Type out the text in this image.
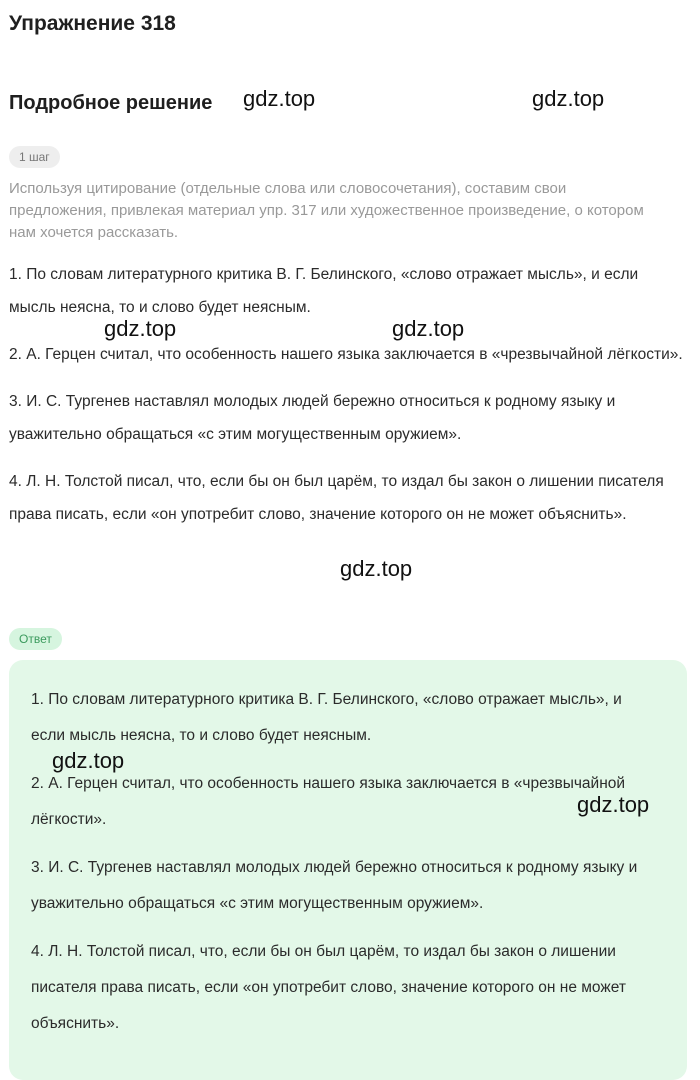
Упражнение 318
Подробное решение gdz.top	gdz.top
1 шаг

Используя цитирование (отдельные слова или словосочетания), составим свои предложения, привлекая материал упр. 317 или художественное произведение, о котором нам хочется рассказать.

1. По словам литературного критика В. Г. Белинского, «слово отражает мысль», и если мысль неясна, то и слово будет неясным.

2. А. Герцен считал, что особенность нашего языка заключается в «чрезвычайной лёгкости».

3. И. С. Тургенев наставлял молодых людей бережно относиться к родному языку и уважительно обращаться «с этим могущественным оружием».

4. Л. Н. Толстой писал, что, если бы он был царём, то издал бы закон о лишении писателя права писать, если «он употребит слово, значение которого он не может объяснить».

gdz.top	gdz.top
gdz.top
Ответ

1. По словам литературного критика В. Г. Белинского, «слово отражает мысль», и если мысль неясна, то и слово будет неясным.

2. А. Герцен считал, что особенность нашего языка заключается в «чрезвычайной лёгкости».

3. И. С. Тургенев наставлял молодых людей бережно относиться к родному языку и уважительно обращаться «с этим могущественным оружием».

4. Л. Н. Толстой писал, что, если бы он был царём, то издал бы закон о лишении писателя права писать, если «он употребит слово, значение которого он не может объяснить».

gdz.top
gdz.top
